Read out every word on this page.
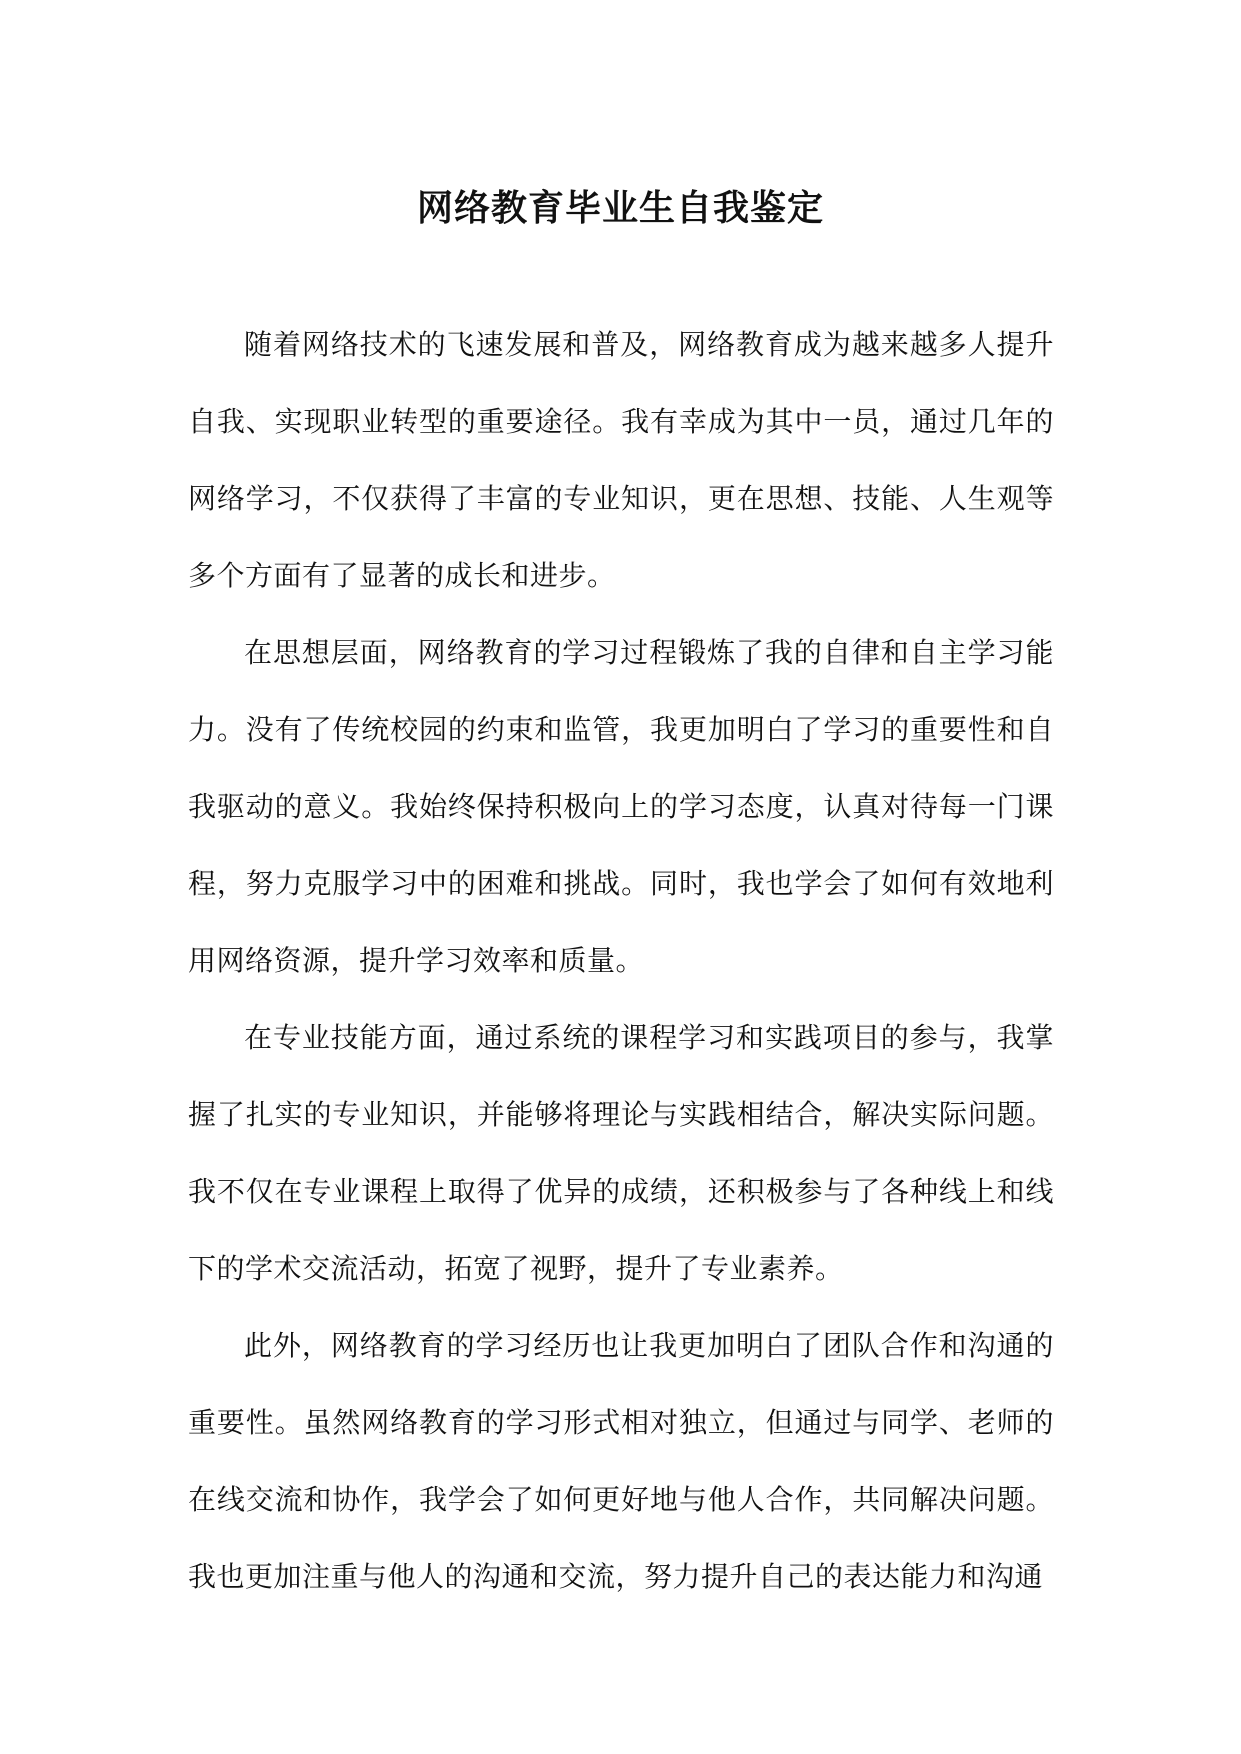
网络教育毕业生自我鉴定

随着网络技术的飞速发展和普及，网络教育成为越来越多人提升自我、实现职业转型的重要途径。我有幸成为其中一员，通过几年的网络学习，不仅获得了丰富的专业知识，更在思想、技能、人生观等多个方面有了显著的成长和进步。

在思想层面，网络教育的学习过程锻炼了我的自律和自主学习能力。没有了传统校园的约束和监管，我更加明白了学习的重要性和自我驱动的意义。我始终保持积极向上的学习态度，认真对待每一门课程，努力克服学习中的困难和挑战。同时，我也学会了如何有效地利用网络资源，提升学习效率和质量。

在专业技能方面，通过系统的课程学习和实践项目的参与，我掌握了扎实的专业知识，并能够将理论与实践相结合，解决实际问题。我不仅在专业课程上取得了优异的成绩，还积极参与了各种线上和线下的学术交流活动，拓宽了视野，提升了专业素养。

此外，网络教育的学习经历也让我更加明白了团队合作和沟通的重要性。虽然网络教育的学习形式相对独立，但通过与同学、老师的在线交流和协作，我学会了如何更好地与他人合作，共同解决问题。我也更加注重与他人的沟通和交流，努力提升自己的表达能力和沟通
